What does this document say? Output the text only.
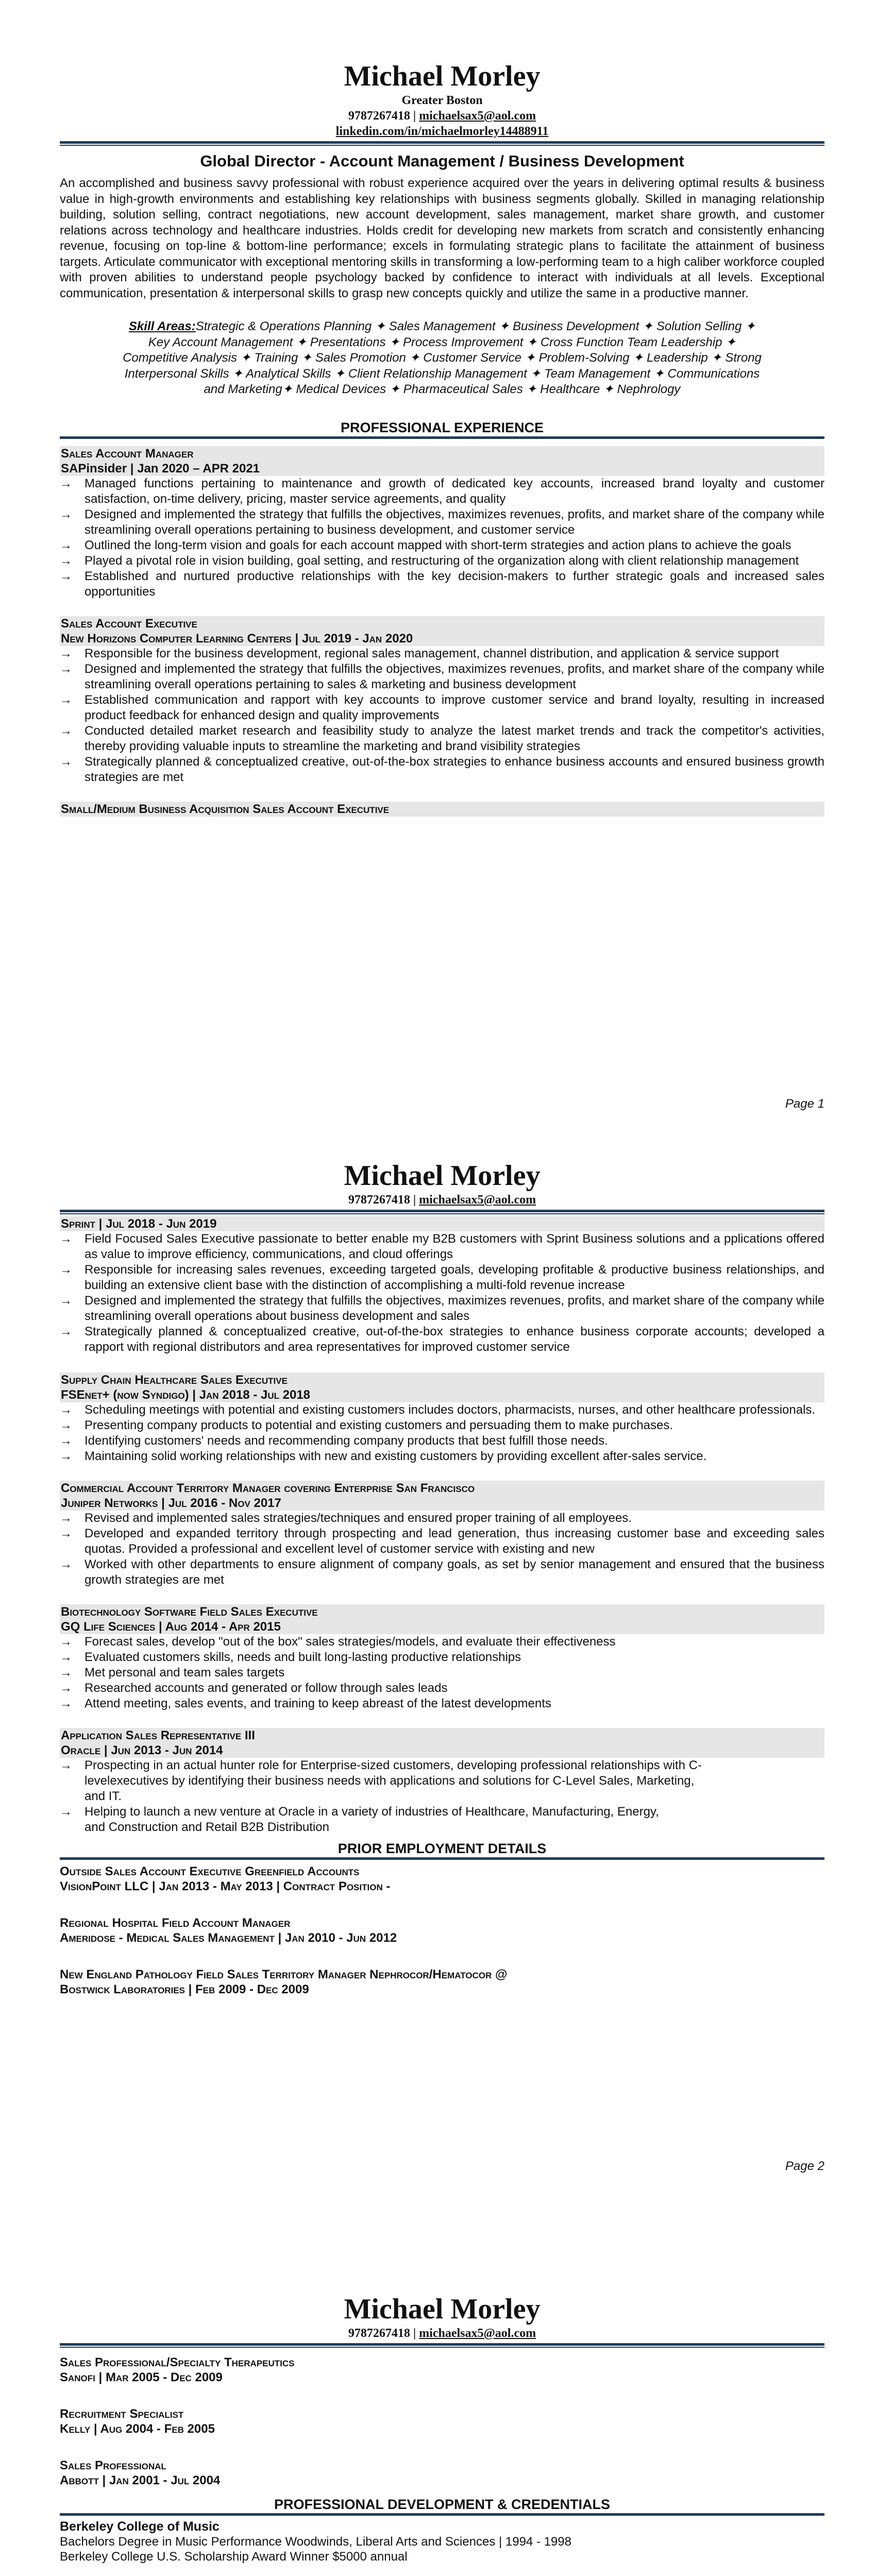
Michael Morley
Greater Boston
9787267418 | michaelsax5@aol.com
linkedin.com/in/michaelmorley14488911
Global Director - Account Management / Business Development

An accomplished and business savvy professional with robust experience acquired over the years in delivering optimal results & business value in high-growth environments and establishing key relationships with business segments globally. Skilled in managing relationship building, solution selling, contract negotiations, new account development, sales management, market share growth, and customer relations across technology and healthcare industries. Holds credit for developing new markets from scratch and consistently enhancing revenue, focusing on top-line & bottom-line performance; excels in formulating strategic plans to facilitate the attainment of business targets. Articulate communicator with exceptional mentoring skills in transforming a low-performing team to a high caliber workforce coupled with proven abilities to understand people psychology backed by confidence to interact with individuals at all levels. Exceptional communication, presentation & interpersonal skills to grasp new concepts quickly and utilize the same in a productive manner.

Skill Areas:Strategic & Operations Planning ✦ Sales Management ✦ Business Development ✦ Solution Selling ✦
Key Account Management ✦ Presentations ✦ Process Improvement ✦ Cross Function Team Leadership ✦
Competitive Analysis ✦ Training ✦ Sales Promotion ✦ Customer Service ✦ Problem-Solving ✦ Leadership ✦ Strong
Interpersonal Skills ✦ Analytical Skills ✦ Client Relationship Management ✦ Team Management ✦ Communications
and Marketing✦ Medical Devices ✦ Pharmaceutical Sales ✦ Healthcare ✦ Nephrology
PROFESSIONAL EXPERIENCE
Sales Account Manager
SAPinsider | Jan 2020 – APR 2021
→ Managed functions pertaining to maintenance and growth of dedicated key accounts, increased brand loyalty and customer satisfaction, on-time delivery, pricing, master service agreements, and quality
→ Designed and implemented the strategy that fulfills the objectives, maximizes revenues, profits, and market share of the company while streamlining overall operations pertaining to business development, and customer service
→ Outlined the long-term vision and goals for each account mapped with short-term strategies and action plans to achieve the goals
→ Played a pivotal role in vision building, goal setting, and restructuring of the organization along with client relationship management
→ Established and nurtured productive relationships with the key decision-makers to further strategic goals and increased sales opportunities
Sales Account Executive
New Horizons Computer Learning Centers | Jul 2019 - Jan 2020
→ Responsible for the business development, regional sales management, channel distribution, and application & service support
→ Designed and implemented the strategy that fulfills the objectives, maximizes revenues, profits, and market share of the company while streamlining overall operations pertaining to sales & marketing and business development
→ Established communication and rapport with key accounts to improve customer service and brand loyalty, resulting in increased product feedback for enhanced design and quality improvements
→ Conducted detailed market research and feasibility study to analyze the latest market trends and track the competitor's activities, thereby providing valuable inputs to streamline the marketing and brand visibility strategies
→ Strategically planned & conceptualized creative, out-of-the-box strategies to enhance business accounts and ensured business growth strategies are met
Small/Medium Business Acquisition Sales Account Executive
Page 1
Michael Morley
9787267418 | michaelsax5@aol.com
Sprint | Jul 2018 - Jun 2019
→ Field Focused Sales Executive passionate to better enable my B2B customers with Sprint Business solutions and a pplications offered as value to improve efficiency, communications, and cloud offerings
→ Responsible for increasing sales revenues, exceeding targeted goals, developing profitable & productive business relationships, and building an extensive client base with the distinction of accomplishing a multi-fold revenue increase
→ Designed and implemented the strategy that fulfills the objectives, maximizes revenues, profits, and market share of the company while streamlining overall operations about business development and sales
→ Strategically planned & conceptualized creative, out-of-the-box strategies to enhance business corporate accounts; developed a rapport with regional distributors and area representatives for improved customer service
Supply Chain Healthcare Sales Executive
FSEnet+ (now Syndigo) | Jan 2018 - Jul 2018
→ Scheduling meetings with potential and existing customers includes doctors, pharmacists, nurses, and other healthcare professionals.
→ Presenting company products to potential and existing customers and persuading them to make purchases.
→ Identifying customers' needs and recommending company products that best fulfill those needs.
→ Maintaining solid working relationships with new and existing customers by providing excellent after-sales service.
Commercial Account Territory Manager covering Enterprise San Francisco
Juniper Networks | Jul 2016 - Nov 2017
→ Revised and implemented sales strategies/techniques and ensured proper training of all employees.
→ Developed and expanded territory through prospecting and lead generation, thus increasing customer base and exceeding sales quotas. Provided a professional and excellent level of customer service with existing and new
→ Worked with other departments to ensure alignment of company goals, as set by senior management and ensured that the business growth strategies are met
Biotechnology Software Field Sales Executive
GQ Life Sciences | Aug 2014 - Apr 2015
→ Forecast sales, develop "out of the box" sales strategies/models, and evaluate their effectiveness
→ Evaluated customers skills, needs and built long-lasting productive relationships
→ Met personal and team sales targets
→ Researched accounts and generated or follow through sales leads
→ Attend meeting, sales events, and training to keep abreast of the latest developments
Application Sales Representative III
Oracle | Jun 2013 - Jun 2014
→ Prospecting in an actual hunter role for Enterprise-sized customers, developing professional relationships with C-
levelexecutives by identifying their business needs with applications and solutions for C-Level Sales, Marketing,
and IT.
→ Helping to launch a new venture at Oracle in a variety of industries of Healthcare, Manufacturing, Energy,
and Construction and Retail B2B Distribution
PRIOR EMPLOYMENT DETAILS
Outside Sales Account Executive Greenfield Accounts
VisionPoint LLC | Jan 2013 - May 2013 | Contract Position -
Regional Hospital Field Account Manager
Ameridose - Medical Sales Management | Jan 2010 - Jun 2012
New England Pathology Field Sales Territory Manager Nephrocor/Hematocor @
Bostwick Laboratories | Feb 2009 - Dec 2009
Page 2
Michael Morley
9787267418 | michaelsax5@aol.com
Sales Professional/Specialty Therapeutics
Sanofi | Mar 2005 - Dec 2009
Recruitment Specialist
Kelly | Aug 2004 - Feb 2005
Sales Professional
Abbott | Jan 2001 - Jul 2004
PROFESSIONAL DEVELOPMENT & CREDENTIALS
Berkeley College of Music
Bachelors Degree in Music Performance Woodwinds, Liberal Arts and Sciences | 1994 - 1998
Berkeley College U.S. Scholarship Award Winner $5000 annual
